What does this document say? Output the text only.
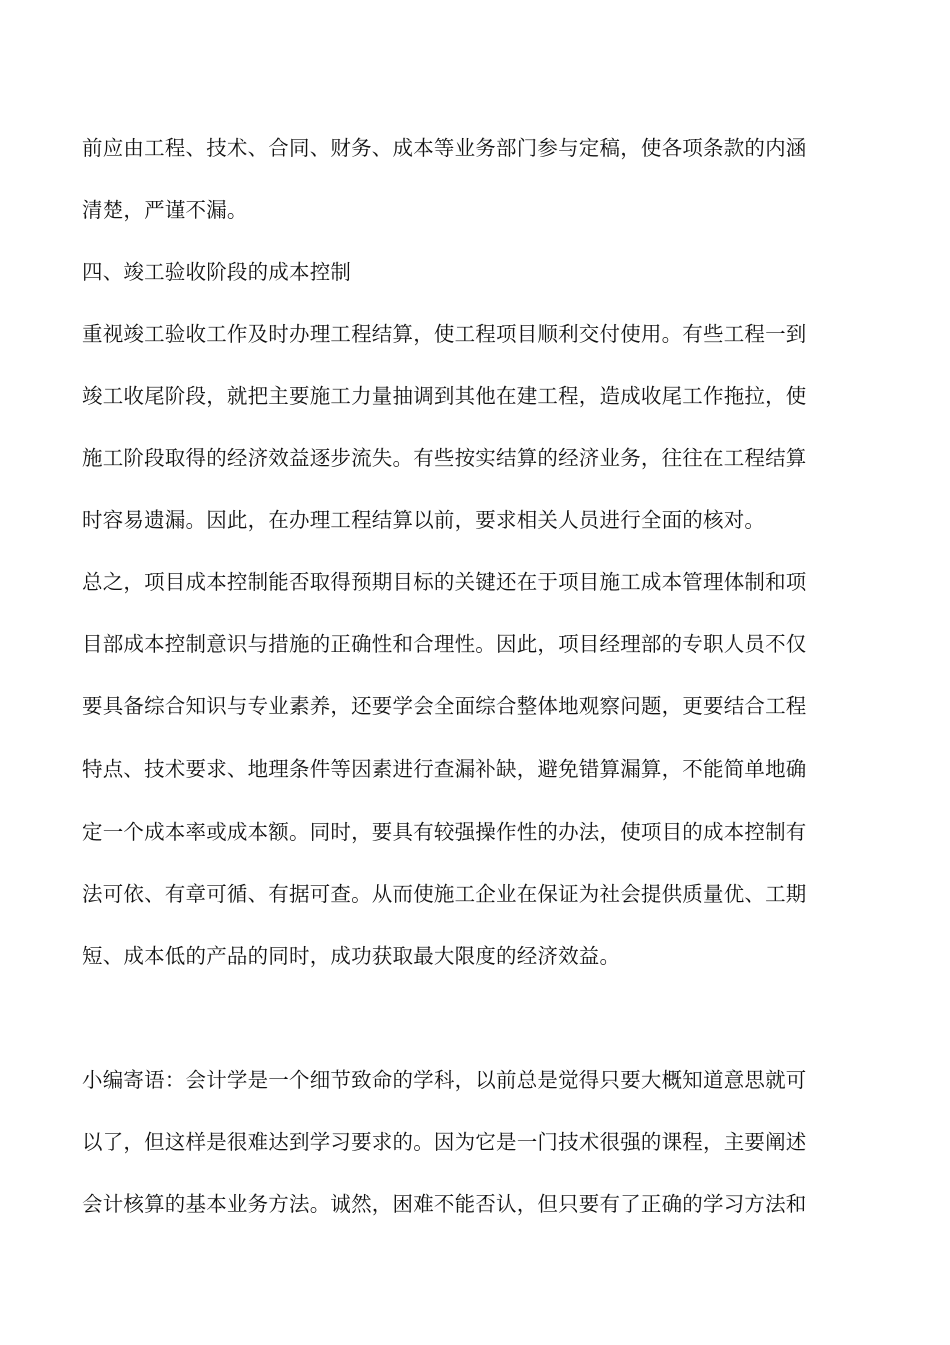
前应由工程、技术、合同、财务、成本等业务部门参与定稿，使各项条款的内涵
清楚，严谨不漏。
四、竣工验收阶段的成本控制
重视竣工验收工作及时办理工程结算，使工程项目顺利交付使用。有些工程一到
竣工收尾阶段，就把主要施工力量抽调到其他在建工程，造成收尾工作拖拉，使
施工阶段取得的经济效益逐步流失。有些按实结算的经济业务，往往在工程结算
时容易遗漏。因此，在办理工程结算以前，要求相关人员进行全面的核对。
总之，项目成本控制能否取得预期目标的关键还在于项目施工成本管理体制和项
目部成本控制意识与措施的正确性和合理性。因此，项目经理部的专职人员不仅
要具备综合知识与专业素养，还要学会全面综合整体地观察问题，更要结合工程
特点、技术要求、地理条件等因素进行查漏补缺，避免错算漏算，不能简单地确
定一个成本率或成本额。同时，要具有较强操作性的办法，使项目的成本控制有
法可依、有章可循、有据可查。从而使施工企业在保证为社会提供质量优、工期
短、成本低的产品的同时，成功获取最大限度的经济效益。
小编寄语：会计学是一个细节致命的学科，以前总是觉得只要大概知道意思就可
以了，但这样是很难达到学习要求的。因为它是一门技术很强的课程，主要阐述
会计核算的基本业务方法。诚然，困难不能否认，但只要有了正确的学习方法和
